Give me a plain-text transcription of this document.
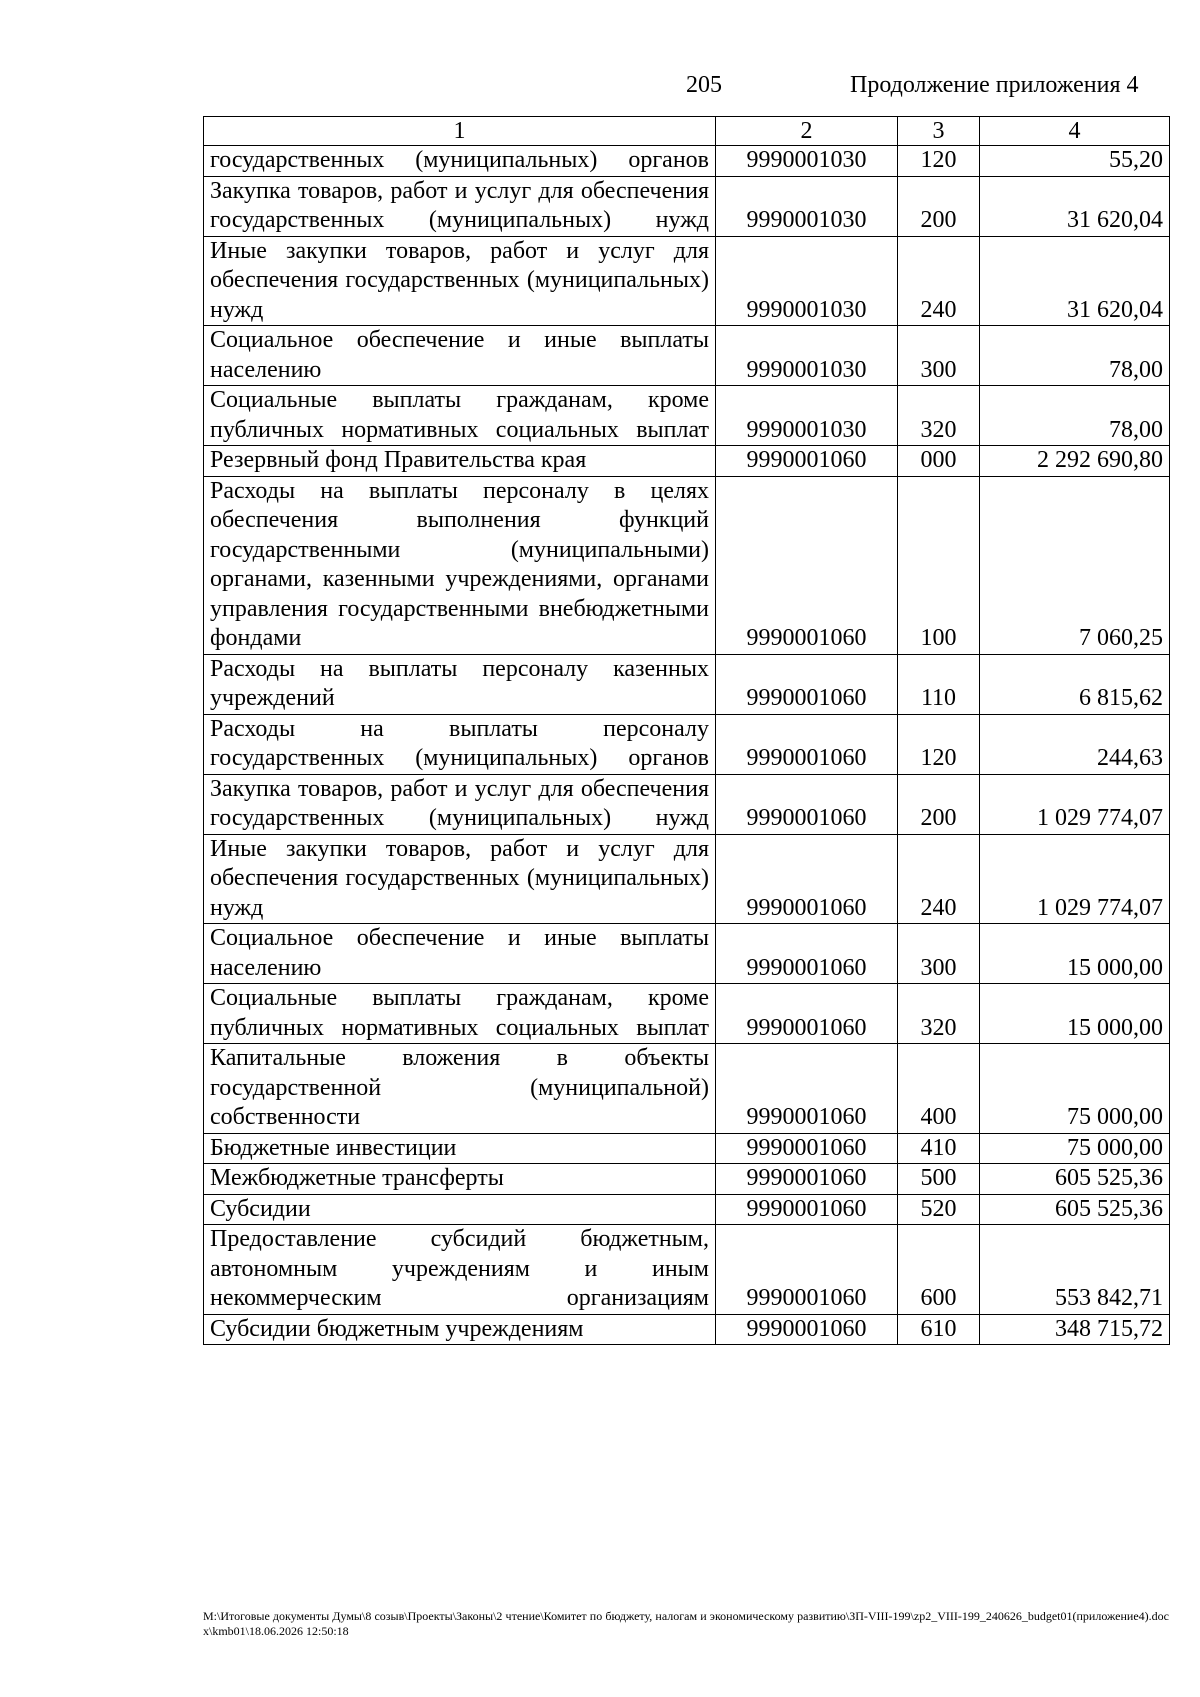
205	Продолжение приложения 4
1	2	3	4
государственных (муниципальных) органов	9990001030	120	55,20
Закупка товаров, работ и услуг для обеспечения государственных (муниципальных) нужд	9990001030	200	31 620,04
Иные закупки товаров, работ и услуг для обеспечения государственных (муниципальных) нужд	9990001030	240	31 620,04
Социальное обеспечение и иные выплаты населению	9990001030	300	78,00
Социальные выплаты гражданам, кроме публичных нормативных социальных выплат	9990001030	320	78,00
Резервный фонд Правительства края	9990001060	000	2 292 690,80
Расходы на выплаты персоналу в целях обеспечения выполнения функций государственными (муниципальными) органами, казенными учреждениями, органами управления государственными внебюджетными фондами	9990001060	100	7 060,25
Расходы на выплаты персоналу казенных учреждений	9990001060	110	6 815,62
Расходы на выплаты персоналу государственных (муниципальных) органов	9990001060	120	244,63
Закупка товаров, работ и услуг для обеспечения государственных (муниципальных) нужд	9990001060	200	1 029 774,07
Иные закупки товаров, работ и услуг для обеспечения государственных (муниципальных) нужд	9990001060	240	1 029 774,07
Социальное обеспечение и иные выплаты населению	9990001060	300	15 000,00
Социальные выплаты гражданам, кроме публичных нормативных социальных выплат	9990001060	320	15 000,00
Капитальные вложения в объекты государственной (муниципальной) собственности	9990001060	400	75 000,00
Бюджетные инвестиции	9990001060	410	75 000,00
Межбюджетные трансферты	9990001060	500	605 525,36
Субсидии	9990001060	520	605 525,36
Предоставление субсидий бюджетным, автономным учреждениям и иным некоммерческим организациям	9990001060	600	553 842,71
Субсидии бюджетным учреждениям	9990001060	610	348 715,72
М:\Итоговые документы Думы\8 созыв\Проекты\Законы\2 чтение\Комитет по бюджету, налогам и экономическому развитию\ЗП-VIII-199\zp2_VIII-199_240626_budget01(приложение4).docx\kmb01\18.06.2026 12:50:18
